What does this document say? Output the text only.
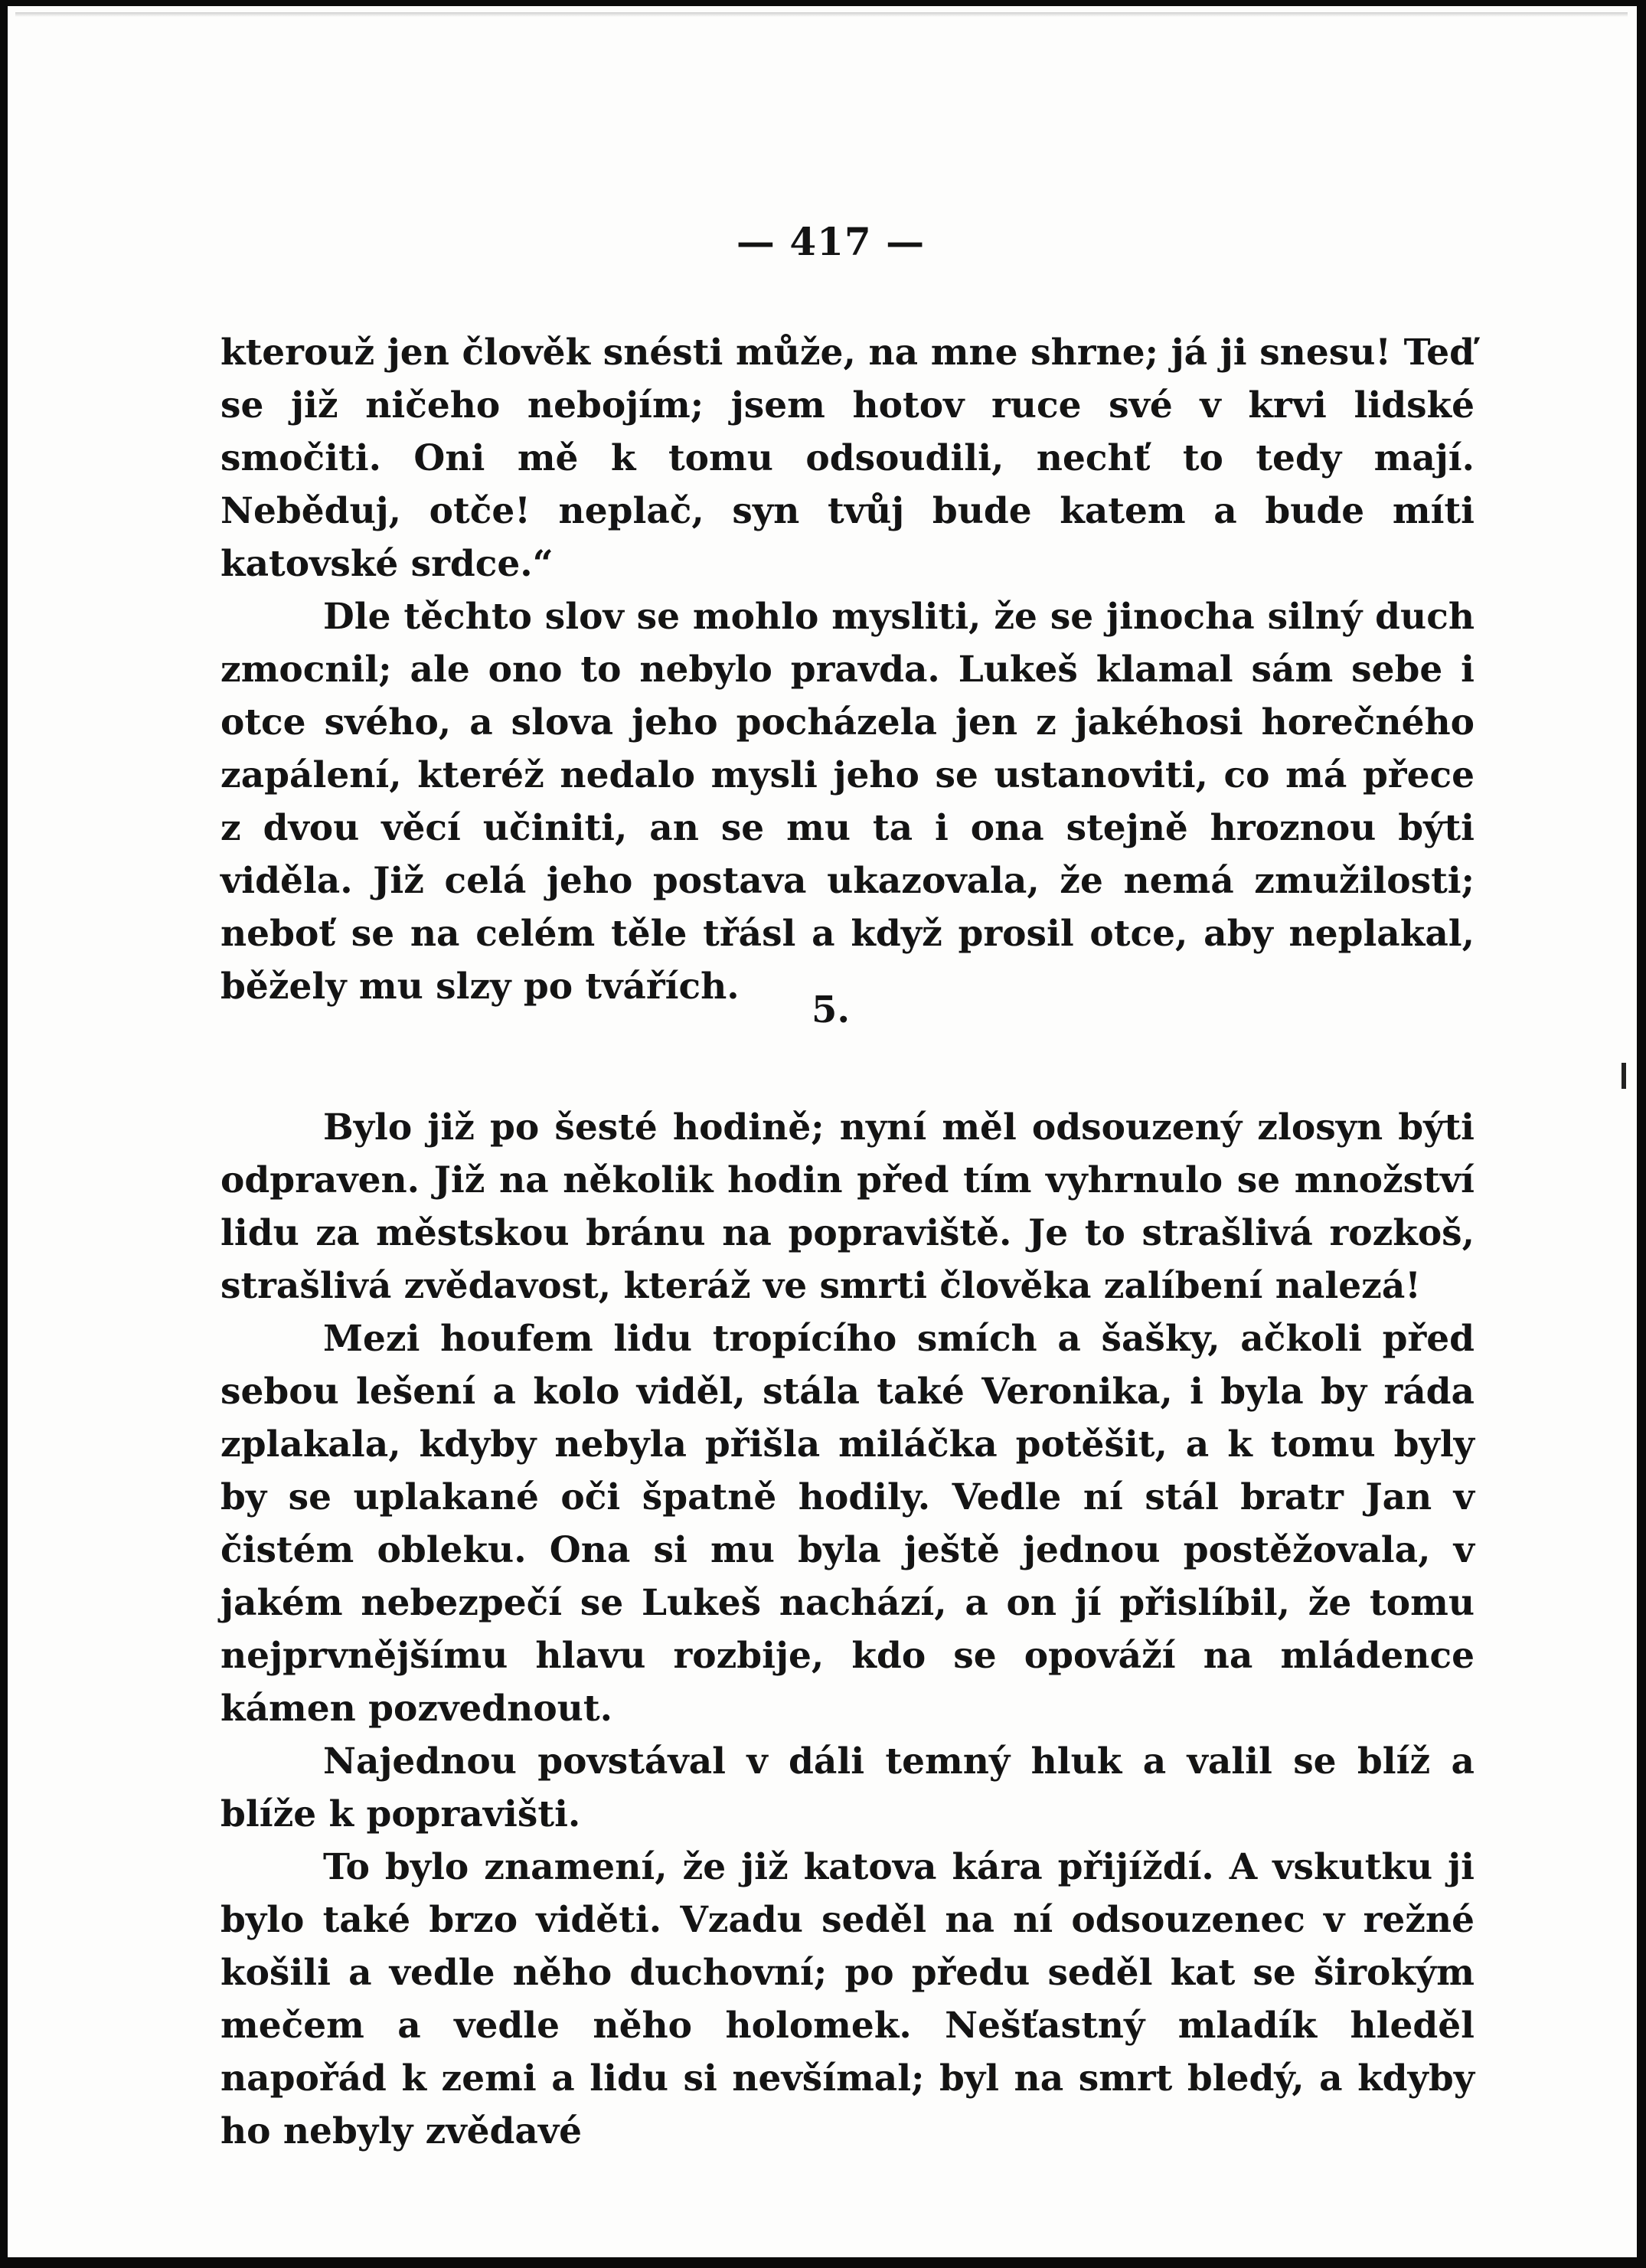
— 417 —

kterouž jen člověk snésti může, na mne shrne; já ji snesu! Teď se již ničeho nebojím; jsem hotov ruce své v krvi lidské smočiti. Oni mě k tomu odsoudili, nechť to tedy mají. Neběduj, otče! neplač, syn tvůj bude katem a bude míti katovské srdce.“

Dle těchto slov se mohlo mysliti, že se jinocha silný duch zmocnil; ale ono to nebylo pravda. Lukeš klamal sám sebe i otce svého, a slova jeho pocházela jen z jakéhosi horečného zapálení, kteréž nedalo mysli jeho se ustanoviti, co má přece z dvou věcí učiniti, an se mu ta i ona stejně hroznou býti viděla. Již celá jeho postava ukazovala, že nemá zmužilosti; neboť se na celém těle třásl a když prosil otce, aby neplakal, běžely mu slzy po tvářích.

5.

Bylo již po šesté hodině; nyní měl odsouzený zlosyn býti odpraven. Již na několik hodin před tím vyhrnulo se množství lidu za městskou bránu na popraviště. Je to strašlivá rozkoš, strašlivá zvědavost, kteráž ve smrti člověka zalíbení nalezá!

Mezi houfem lidu tropícího smích a šašky, ačkoli před sebou lešení a kolo viděl, stála také Veronika, i byla by ráda zplakala, kdyby nebyla přišla miláčka potěšit, a k tomu byly by se uplakané oči špatně hodily. Vedle ní stál bratr Jan v čistém obleku. Ona si mu byla ještě jednou postěžovala, v jakém nebezpečí se Lukeš nachází, a on jí přislíbil, že tomu nejprvnějšímu hlavu rozbije, kdo se opováží na mládence kámen pozvednout.

Najednou povstával v dáli temný hluk a valil se blíž a blíže k popravišti.

To bylo znamení, že již katova kára přijíždí. A vskutku ji bylo také brzo viděti. Vzadu seděl na ní odsouzenec v režné košili a vedle něho duchovní; po předu seděl kat se širokým mečem a vedle něho holomek. Nešťastný mladík hleděl napořád k zemi a lidu si nevšímal; byl na smrt bledý, a kdyby ho nebyly zvědavé
